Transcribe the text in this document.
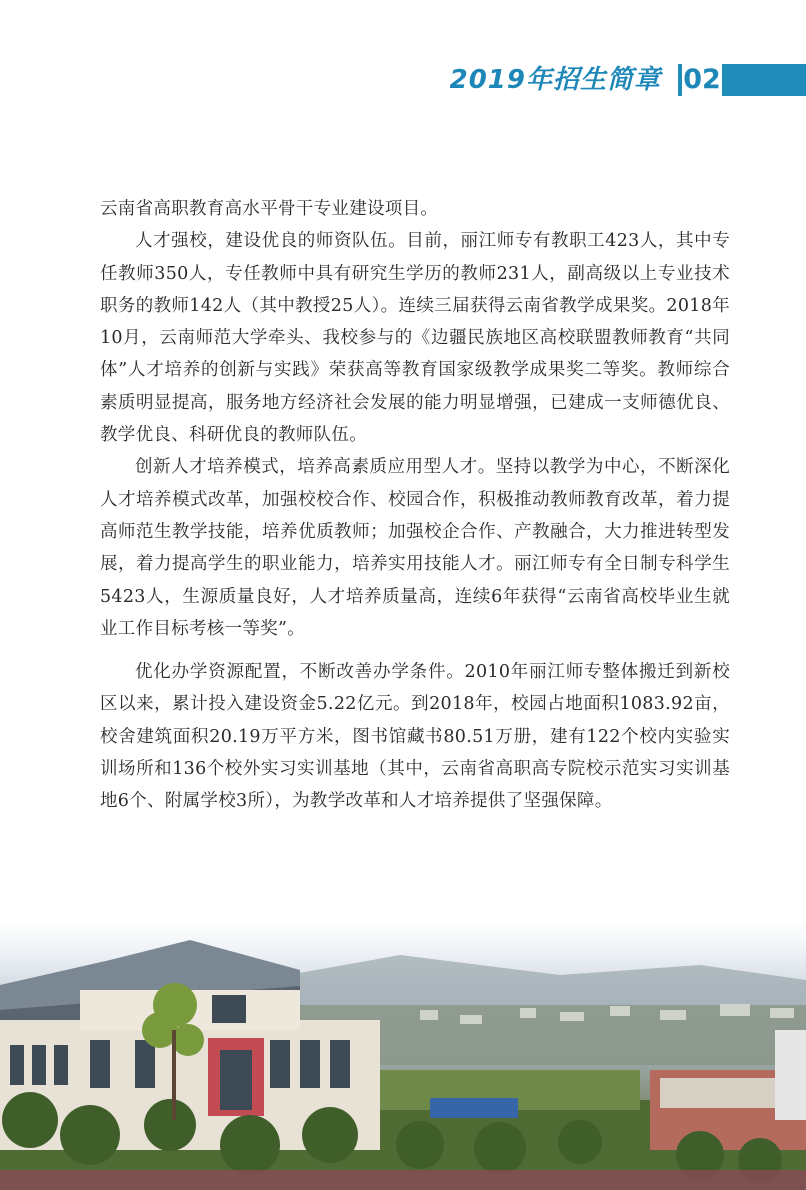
2019年招生简章 02

云南省高职教育高水平骨干专业建设项目。

人才强校，建设优良的师资队伍。目前，丽江师专有教职工423人，其中专任教师350人，专任教师中具有研究生学历的教师231人，副高级以上专业技术职务的教师142人（其中教授25人）。连续三届获得云南省教学成果奖。2018年10月，云南师范大学牵头、我校参与的《边疆民族地区高校联盟教师教育“共同体”人才培养的创新与实践》荣获高等教育国家级教学成果奖二等奖。教师综合素质明显提高，服务地方经济社会发展的能力明显增强，已建成一支师德优良、教学优良、科研优良的教师队伍。

创新人才培养模式，培养高素质应用型人才。坚持以教学为中心，不断深化人才培养模式改革，加强校校合作、校园合作，积极推动教师教育改革，着力提高师范生教学技能，培养优质教师；加强校企合作、产教融合，大力推进转型发展，着力提高学生的职业能力，培养实用技能人才。丽江师专有全日制专科学生5423人，生源质量良好，人才培养质量高，连续6年获得“云南省高校毕业生就业工作目标考核一等奖”。

优化办学资源配置，不断改善办学条件。2010年丽江师专整体搬迁到新校区以来，累计投入建设资金5.22亿元。到2018年，校园占地面积1083.92亩，校舍建筑面积20.19万平方米，图书馆藏书80.51万册，建有122个校内实验实训场所和136个校外实习实训基地（其中，云南省高职高专院校示范实习实训基地6个、附属学校3所），为教学改革和人才培养提供了坚强保障。
